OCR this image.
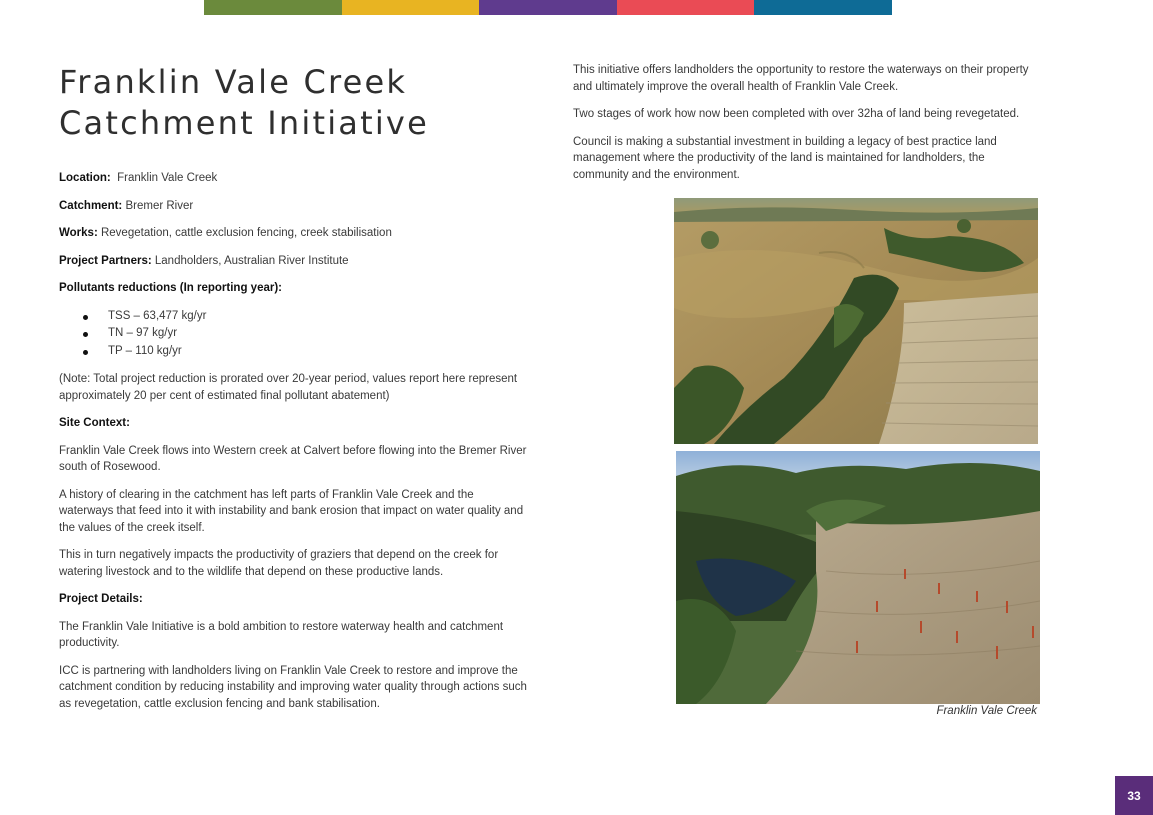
Franklin Vale Creek Catchment Initiative

Location: Franklin Vale Creek

Catchment: Bremer River

Works: Revegetation, cattle exclusion fencing, creek stabilisation

Project Partners: Landholders, Australian River Institute

Pollutants reductions (In reporting year):

TSS – 63,477 kg/yr
TN – 97 kg/yr
TP – 110 kg/yr

(Note: Total project reduction is prorated over 20-year period, values report here represent approximately 20 per cent of estimated final pollutant abatement)

Site Context:

Franklin Vale Creek flows into Western creek at Calvert before flowing into the Bremer River south of Rosewood.

A history of clearing in the catchment has left parts of Franklin Vale Creek and the waterways that feed into it with instability and bank erosion that impact on water quality and the values of the creek itself.

This in turn negatively impacts the productivity of graziers that depend on the creek for watering livestock and to the wildlife that depend on these productive lands.

Project Details:

The Franklin Vale Initiative is a bold ambition to restore waterway health and catchment productivity.

ICC is partnering with landholders living on Franklin Vale Creek to restore and improve the catchment condition by reducing instability and improving water quality through actions such as revegetation, cattle exclusion fencing and bank stabilisation.

This initiative offers landholders the opportunity to restore the waterways on their property and ultimately improve the overall health of Franklin Vale Creek.

Two stages of work how now been completed with over 32ha of land being revegetated.

Council is making a substantial investment in building a legacy of best practice land management where the productivity of the land is maintained for landholders, the community and the environment.

Franklin Vale Creek
33
